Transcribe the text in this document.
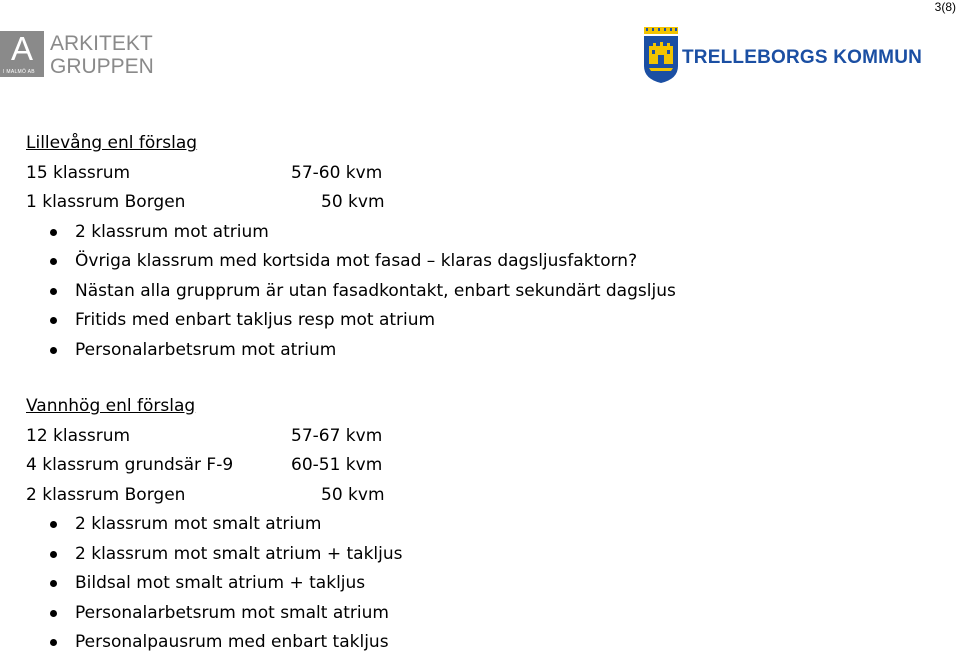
3(8)
A
I MALMÖ AB
ARKITEKT
GRUPPEN	TRELLEBORGS KOMMUN
Lillevång enl förslag
15 klassrum	57-60 kvm
1 klassrum Borgen	50 kvm
2 klassrum mot atrium
Övriga klassrum med kortsida mot fasad – klaras dagsljusfaktorn?
Nästan alla grupprum är utan fasadkontakt, enbart sekundärt dagsljus
Fritids med enbart takljus resp mot atrium
Personalarbetsrum mot atrium
Vannhög enl förslag
12 klassrum	57-67 kvm
4 klassrum grundsär F-9	60-51 kvm
2 klassrum Borgen	50 kvm
2 klassrum mot smalt atrium
2 klassrum mot smalt atrium + takljus
Bildsal mot smalt atrium + takljus
Personalarbetsrum mot smalt atrium
Personalpausrum med enbart takljus
